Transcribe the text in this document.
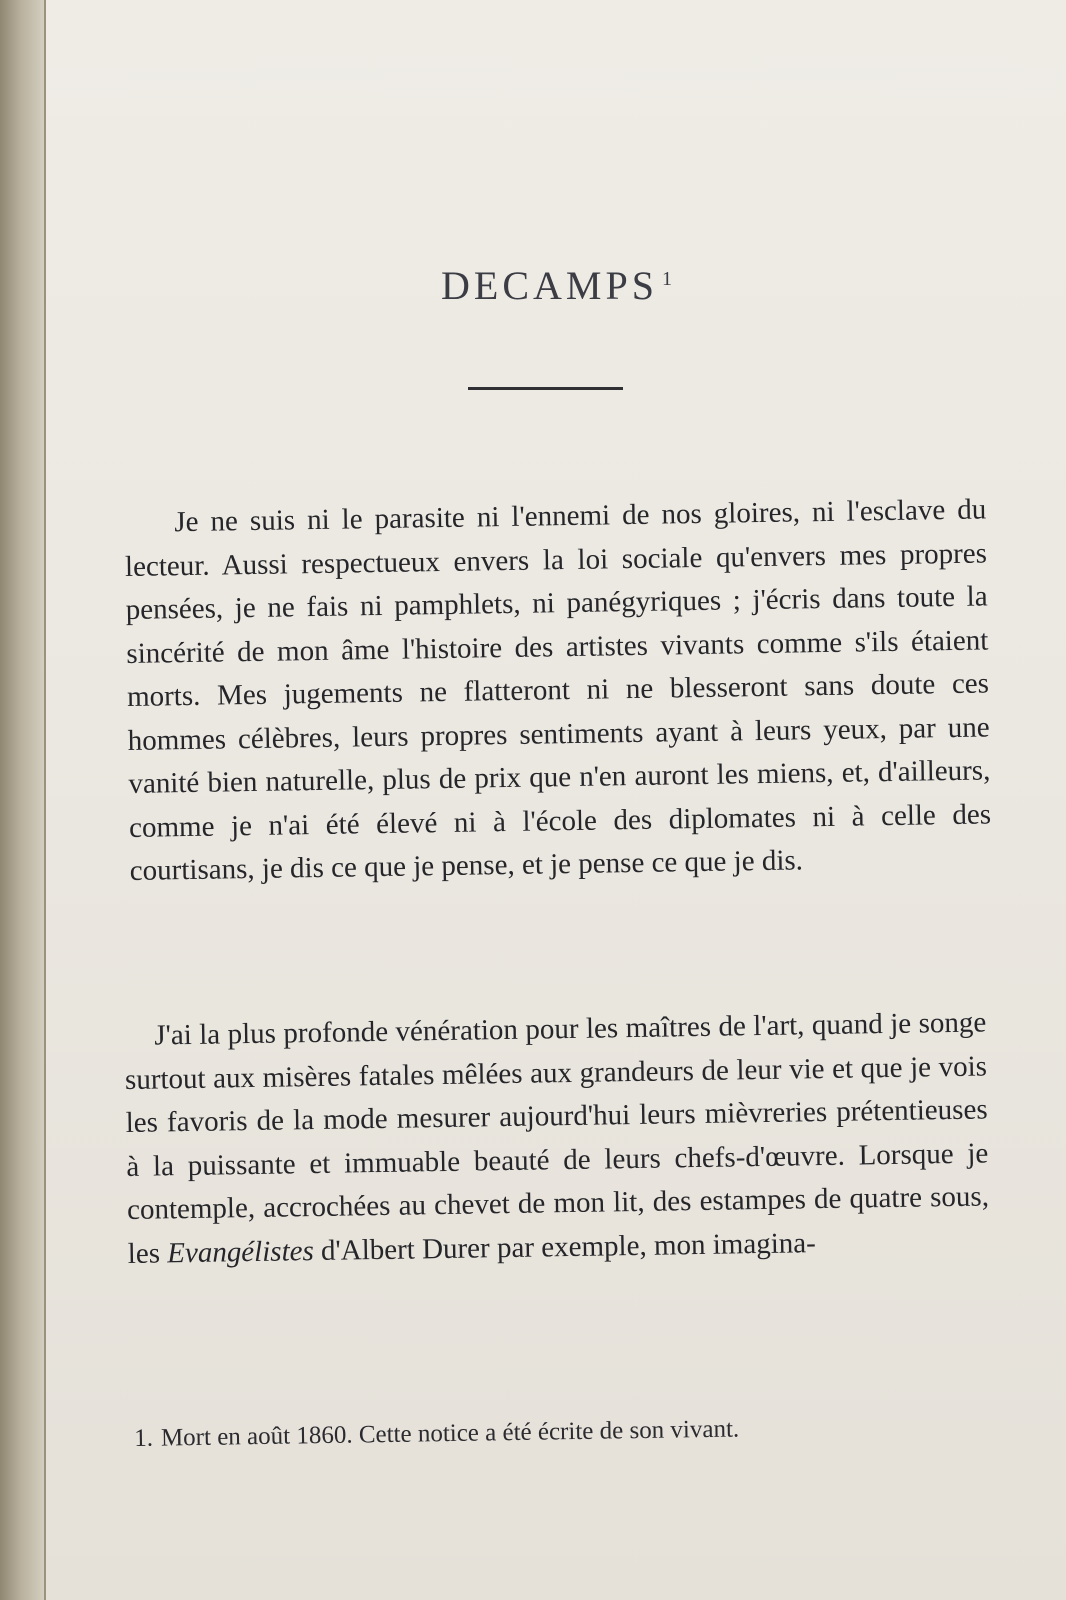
DECAMPS $^1$

Je ne suis ni le parasite ni l'ennemi de nos gloires, ni l'esclave du lecteur. Aussi respectueux envers la loi sociale qu'envers mes propres pensées, je ne fais ni pamphlets, ni panégyriques ; j'écris dans toute la sincérité de mon âme l'histoire des artistes vivants comme s'ils étaient morts. Mes jugements ne flatteront ni ne blesseront sans doute ces hommes célèbres, leurs propres sentiments ayant à leurs yeux, par une vanité bien naturelle, plus de prix que n'en auront les miens, et, d'ailleurs, comme je n'ai été élevé ni à l'école des diplomates ni à celle des courtisans, je dis ce que je pense, et je pense ce que je dis.

J'ai la plus profonde vénération pour les maîtres de l'art, quand je songe surtout aux misères fatales mêlées aux grandeurs de leur vie et que je vois les favoris de la mode mesurer aujourd'hui leurs mièvreries prétentieuses à la puissante et immuable beauté de leurs chefs-d'œuvre. Lorsque je contemple, accrochées au chevet de mon lit, des estampes de quatre sous, les Evangélistes d'Albert Durer par exemple, mon imagina-

1. Mort en août 1860. Cette notice a été écrite de son vivant.
